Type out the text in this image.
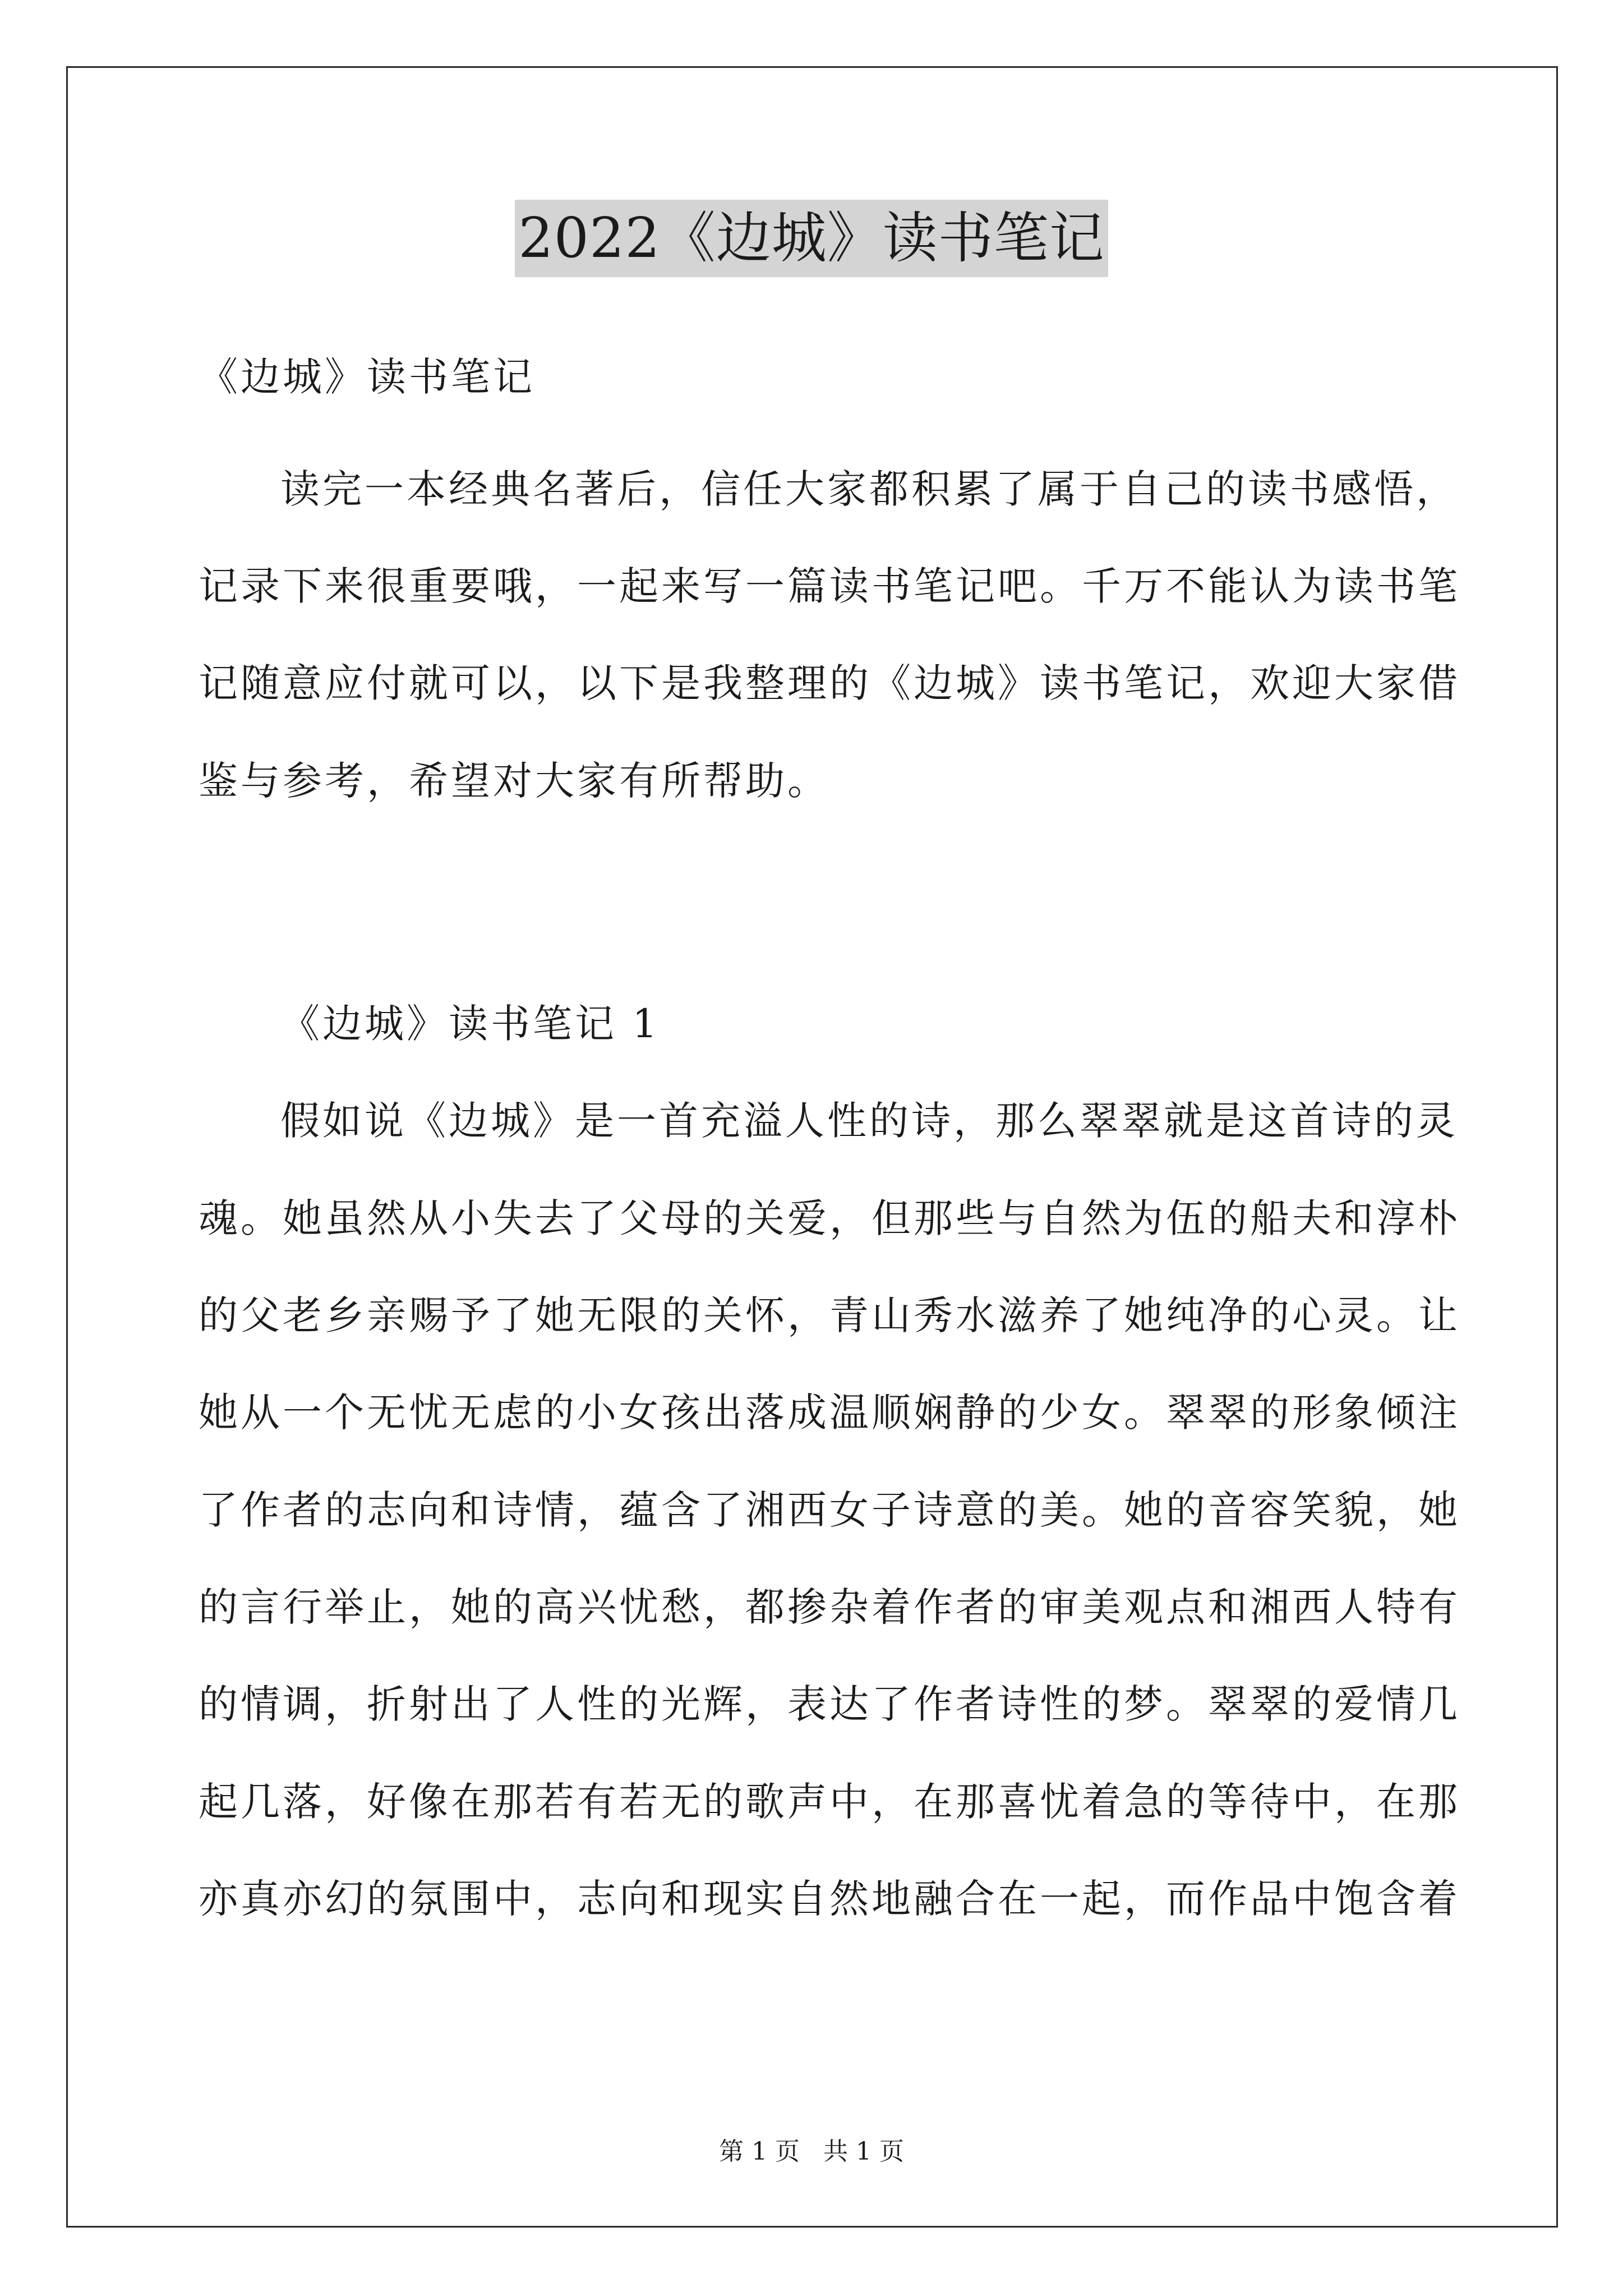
2022《边城》读书笔记
《边城》读书笔记
读完一本经典名著后，信任大家都积累了属于自己的读书感悟，
记录下来很重要哦，一起来写一篇读书笔记吧。千万不能认为读书笔
记随意应付就可以，以下是我整理的《边城》读书笔记，欢迎大家借
鉴与参考，希望对大家有所帮助。
《边城》读书笔记 1
假如说《边城》是一首充溢人性的诗，那么翠翠就是这首诗的灵
魂。她虽然从小失去了父母的关爱，但那些与自然为伍的船夫和淳朴
的父老乡亲赐予了她无限的关怀，青山秀水滋养了她纯净的心灵。让
她从一个无忧无虑的小女孩出落成温顺娴静的少女。翠翠的形象倾注
了作者的志向和诗情，蕴含了湘西女子诗意的美。她的音容笑貌，她
的言行举止，她的高兴忧愁，都掺杂着作者的审美观点和湘西人特有
的情调，折射出了人性的光辉，表达了作者诗性的梦。翠翠的爱情几
起几落，好像在那若有若无的歌声中，在那喜忧着急的等待中，在那
亦真亦幻的氛围中，志向和现实自然地融合在一起，而作品中饱含着
第 1 页 共 1 页
